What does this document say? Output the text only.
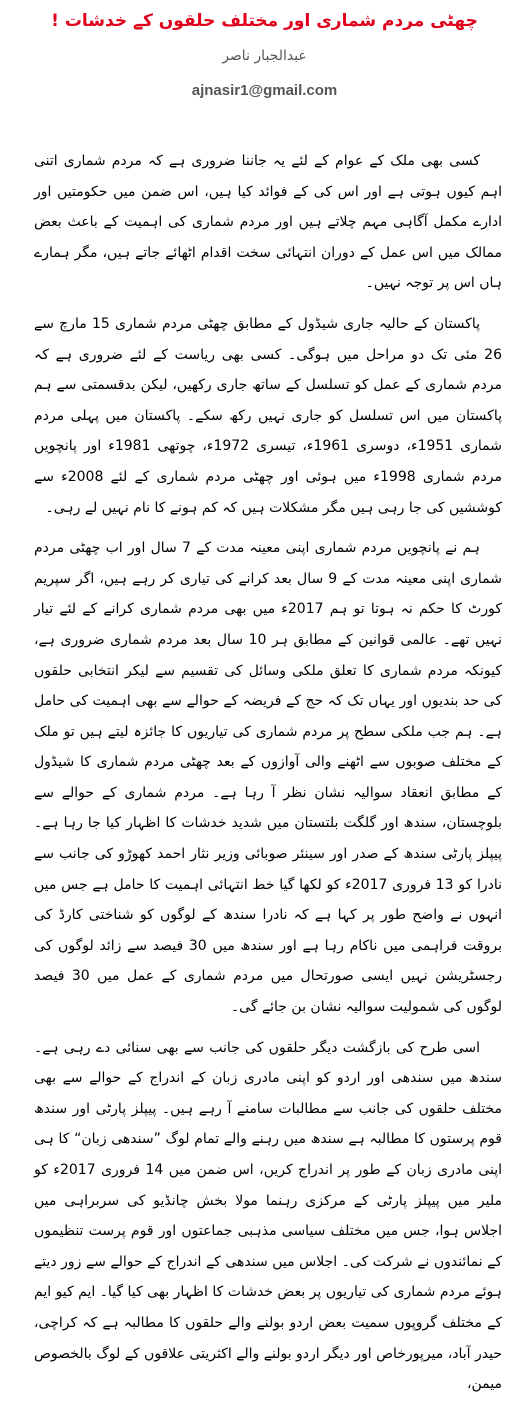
چھٹی مردم شماری اور مختلف حلقوں کے خدشات !
عبدالجبار ناصر
ajnasir1@gmail.com

کسی بھی ملک کے عوام کے لئے یہ جاننا ضروری ہے کہ مردم شماری اتنی اہم کیوں ہوتی ہے اور اس کی کے فوائد کیا ہیں، اس ضمن میں حکومتیں اور ادارے مکمل آگاہی مہم چلاتے ہیں اور مردم شماری کی اہمیت کے باعث بعض ممالک میں اس عمل کے دوران انتہائی سخت اقدام اٹھائے جاتے ہیں، مگر ہمارے ہاں اس پر توجہ نہیں۔

پاکستان کے حالیہ جاری شیڈول کے مطابق چھٹی مردم شماری 15 مارچ سے 26 مئی تک دو مراحل میں ہوگی۔ کسی بھی ریاست کے لئے ضروری ہے کہ مردم شماری کے عمل کو تسلسل کے ساتھ جاری رکھیں، لیکن بدقسمتی سے ہم پاکستان میں اس تسلسل کو جاری نہیں رکھ سکے۔ پاکستان میں پہلی مردم شماری 1951ء، دوسری 1961ء، تیسری 1972ء، چوتھی 1981ء اور پانچویں مردم شماری 1998ء میں ہوئی اور چھٹی مردم شماری کے لئے 2008ء سے کوششیں کی جا رہی ہیں مگر مشکلات ہیں کہ کم ہونے کا نام نہیں لے رہی۔

ہم نے پانچویں مردم شماری اپنی معینہ مدت کے 7 سال اور اب چھٹی مردم شماری اپنی معینہ مدت کے 9 سال بعد کرانے کی تیاری کر رہے ہیں، اگر سپریم کورٹ کا حکم نہ ہوتا تو ہم 2017ء میں بھی مردم شماری کرانے کے لئے تیار نہیں تھے۔ عالمی قوانین کے مطابق ہر 10 سال بعد مردم شماری ضروری ہے، کیونکہ مردم شماری کا تعلق ملکی وسائل کی تقسیم سے لیکر انتخابی حلقوں کی حد بندیوں اور یہاں تک کہ حج کے فریضہ کے حوالے سے بھی اہمیت کی حامل ہے۔ ہم جب ملکی سطح پر مردم شماری کی تیاریوں کا جائزہ لیتے ہیں تو ملک کے مختلف صوبوں سے اٹھنے والی آوازوں کے بعد چھٹی مردم شماری کا شیڈول کے مطابق انعقاد سوالیہ نشان نظر آ رہا ہے۔ مردم شماری کے حوالے سے بلوچستان، سندھ اور گلگت بلتستان میں شدید خدشات کا اظہار کیا جا رہا ہے۔ پیپلز پارٹی سندھ کے صدر اور سینئر صوبائی وزیر نثار احمد کھوڑو کی جانب سے نادرا کو 13 فروری 2017ء کو لکھا گیا خط انتہائی اہمیت کا حامل ہے جس میں انہوں نے واضح طور پر کہا ہے کہ نادرا سندھ کے لوگوں کو شناختی کارڈ کی بروقت فراہمی میں ناکام رہا ہے اور سندھ میں 30 فیصد سے زائد لوگوں کی رجسٹریشن نہیں ایسی صورتحال میں مردم شماری کے عمل میں 30 فیصد لوگوں کی شمولیت سوالیہ نشان بن جائے گی۔

اسی طرح کی بازگشت دیگر حلقوں کی جانب سے بھی سنائی دے رہی ہے۔ سندھ میں سندھی اور اردو کو اپنی مادری زبان کے اندراج کے حوالے سے بھی مختلف حلقوں کی جانب سے مطالبات سامنے آ رہے ہیں۔ پیپلز پارٹی اور سندھ قوم پرستوں کا مطالبہ ہے سندھ میں رہنے والے تمام لوگ ”سندھی زبان“ کا ہی اپنی مادری زبان کے طور پر اندراج کریں، اس ضمن میں 14 فروری 2017ء کو ملیر میں پیپلز پارٹی کے مرکزی رہنما مولا بخش چانڈیو کی سربراہی میں اجلاس ہوا، جس میں مختلف سیاسی مذہبی جماعتوں اور قوم پرست تنظیموں کے نمائندوں نے شرکت کی۔ اجلاس میں سندھی کے اندراج کے حوالے سے زور دیتے ہوئے مردم شماری کی تیاریوں پر بعض خدشات کا اظہار بھی کیا گیا۔ ایم کیو ایم کے مختلف گروپوں سمیت بعض اردو بولنے والے حلقوں کا مطالبہ ہے کہ کراچی، حیدر آباد، میرپورخاص اور دیگر اردو بولنے والے اکثریتی علاقوں کے لوگ بالخصوص میمن،
